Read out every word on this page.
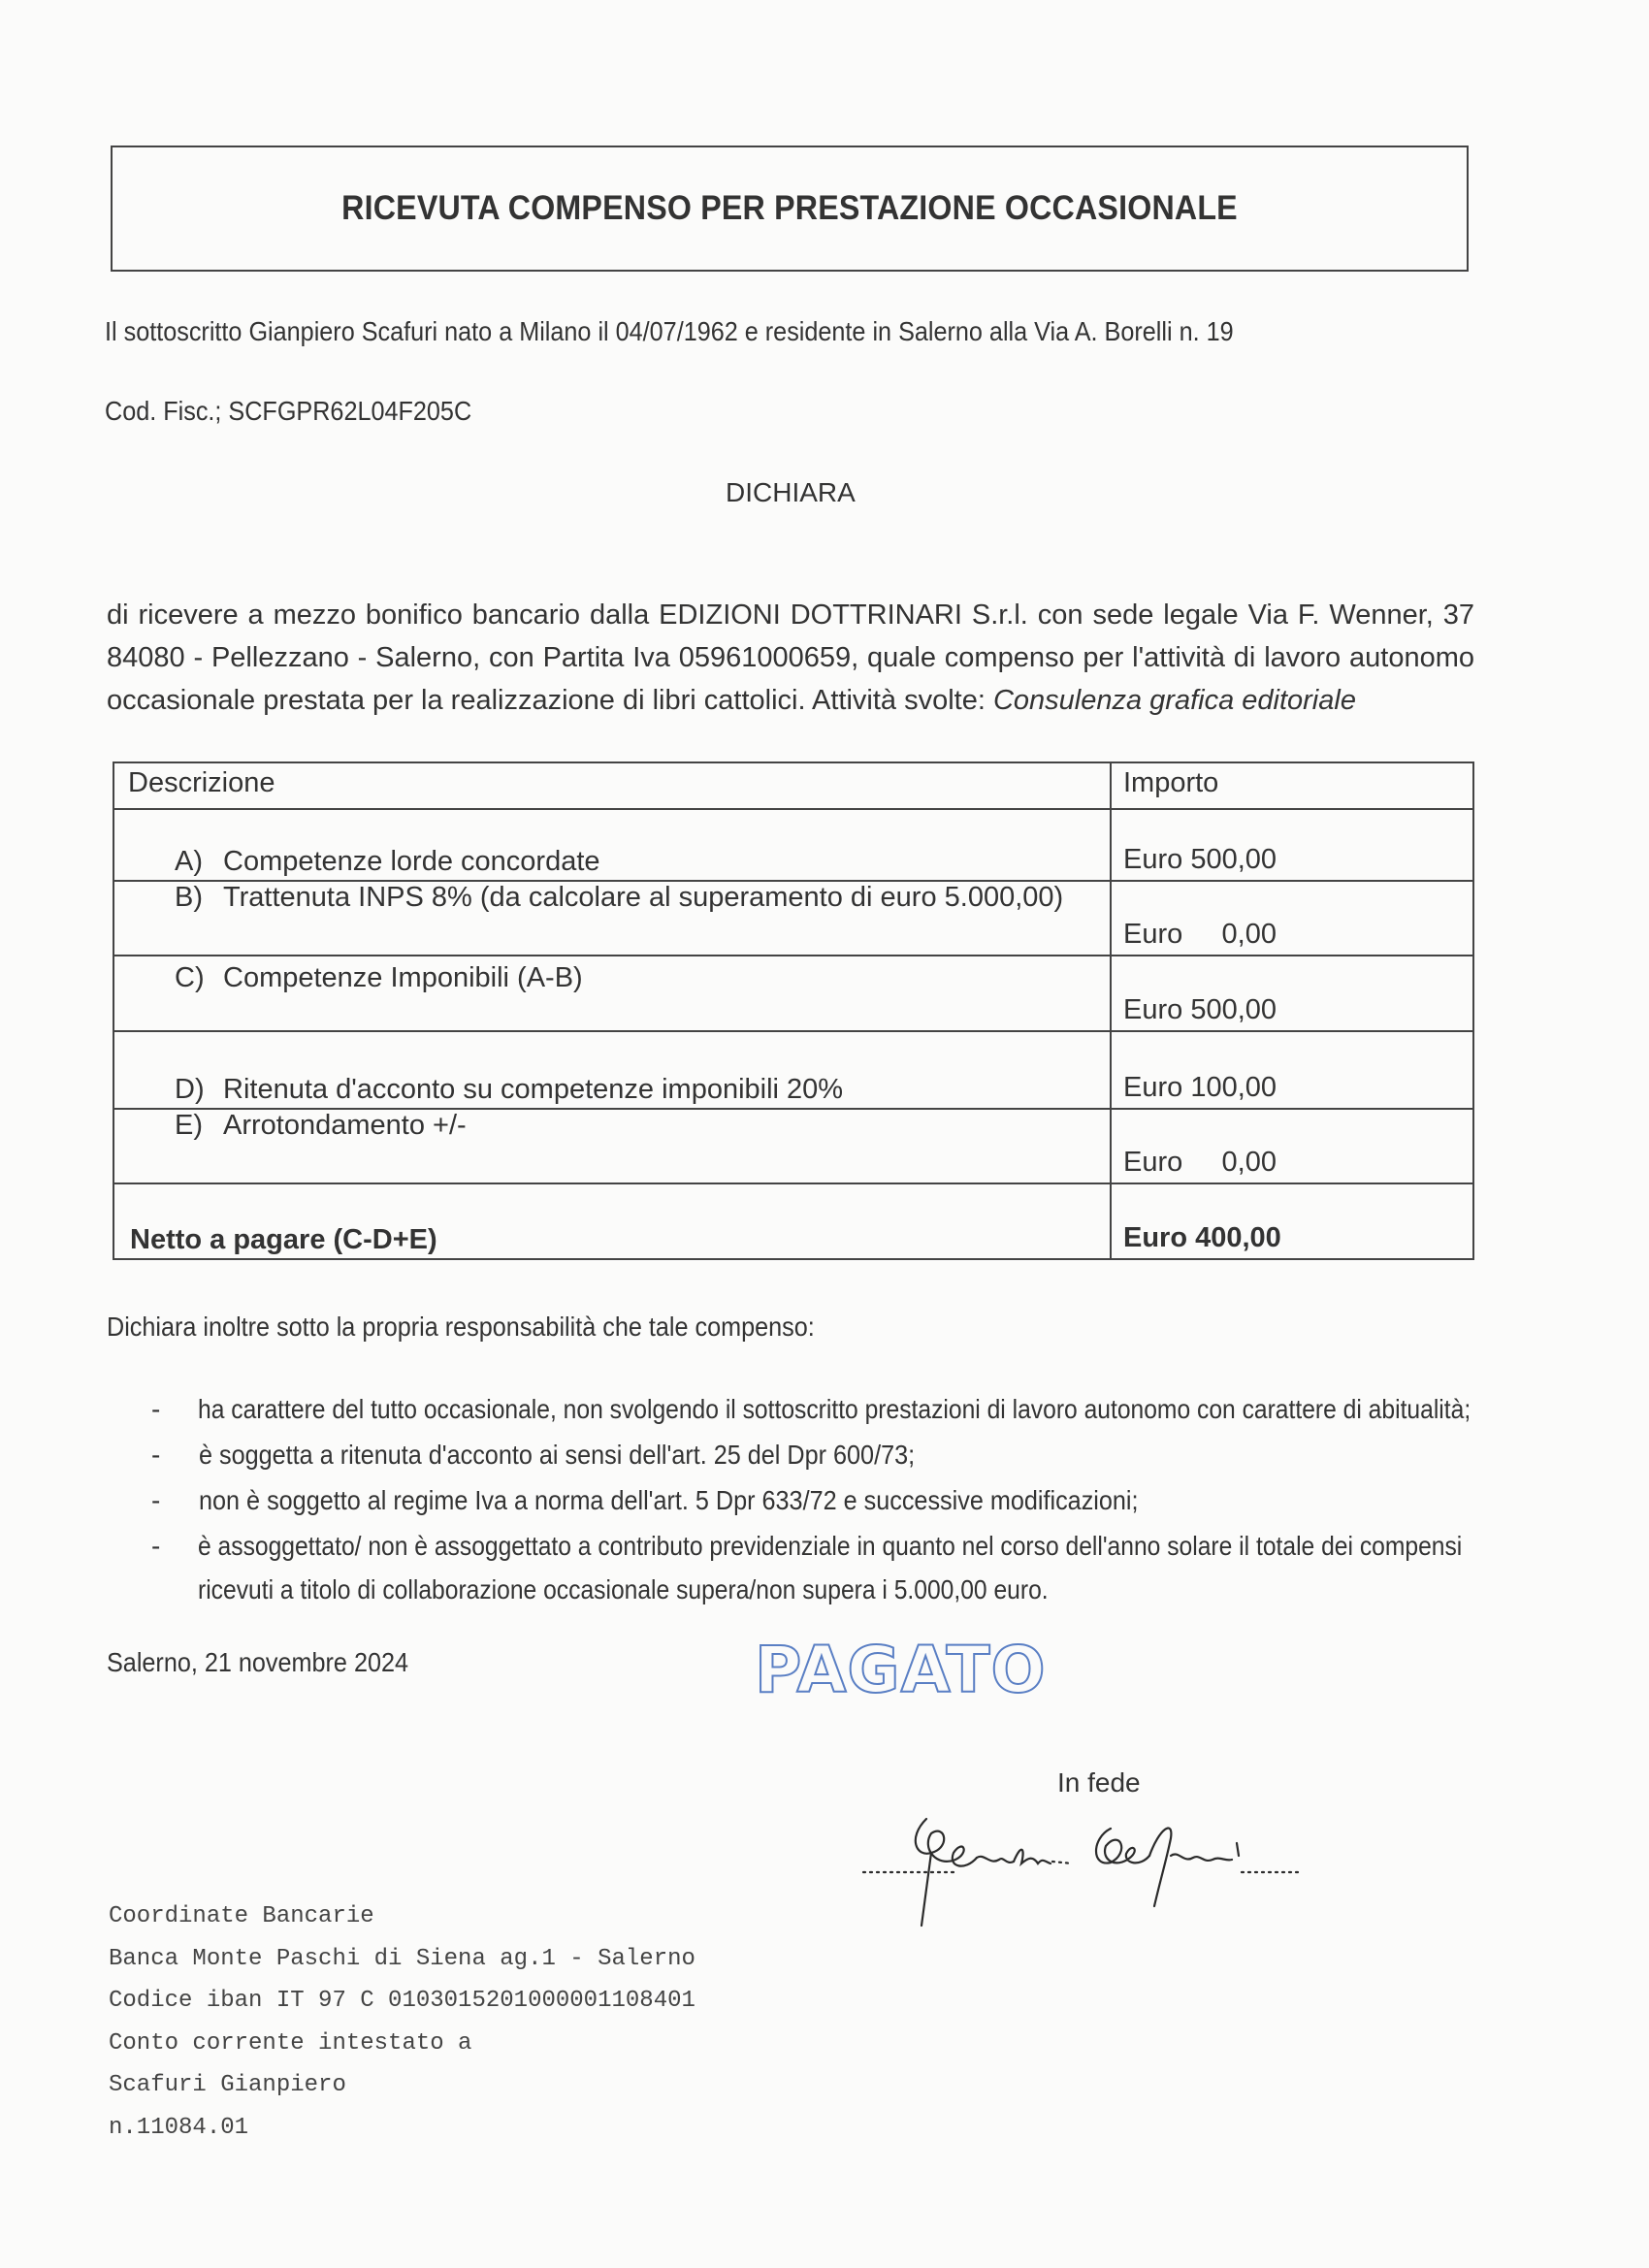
RICEVUTA COMPENSO PER PRESTAZIONE OCCASIONALE
Il sottoscritto Gianpiero Scafuri nato a Milano il 04/07/1962 e residente in Salerno alla Via A. Borelli n. 19
Cod. Fisc.; SCFGPR62L04F205C
DICHIARA
di ricevere a mezzo bonifico bancario dalla EDIZIONI DOTTRINARI S.r.l. con sede legale Via F. Wenner, 37 84080 - Pellezzano - Salerno, con Partita Iva 05961000659, quale compenso per l'attività di lavoro autonomo occasionale prestata per la realizzazione di libri cattolici. Attività svolte: Consulenza grafica editoriale
Descrizione	Importo

A) Competenze lorde concordate	Euro 500,00

B) Trattenuta INPS 8% (da calcolare al superamento di euro 5.000,00)	Euro     0,00

C) Competenze Imponibili (A-B)	Euro 500,00

D) Ritenuta d'acconto su competenze imponibili 20%	Euro 100,00

E) Arrotondamento +/-	Euro     0,00

Netto a pagare (C-D+E)	Euro 400,00
Dichiara inoltre sotto la propria responsabilità che tale compenso:
-	ha carattere del tutto occasionale, non svolgendo il sottoscritto prestazioni di lavoro autonomo con carattere di abitualità;
-	è soggetta a ritenuta d'acconto ai sensi dell'art. 25 del Dpr 600/73;
-	non è soggetto al regime Iva a norma dell'art. 5 Dpr 633/72 e successive modificazioni;
-	è assoggettato/ non è assoggettato a contributo previdenziale in quanto nel corso dell'anno solare il totale dei compensi ricevuti a titolo di collaborazione occasionale supera/non supera i 5.000,00 euro.
Salerno, 21 novembre 2024	PAGATO
In fede
Coordinate Bancarie
Banca Monte Paschi di Siena ag.1 - Salerno
Codice iban IT 97 C 0103015201000001108401
Conto corrente intestato a
Scafuri Gianpiero
n.11084.01
